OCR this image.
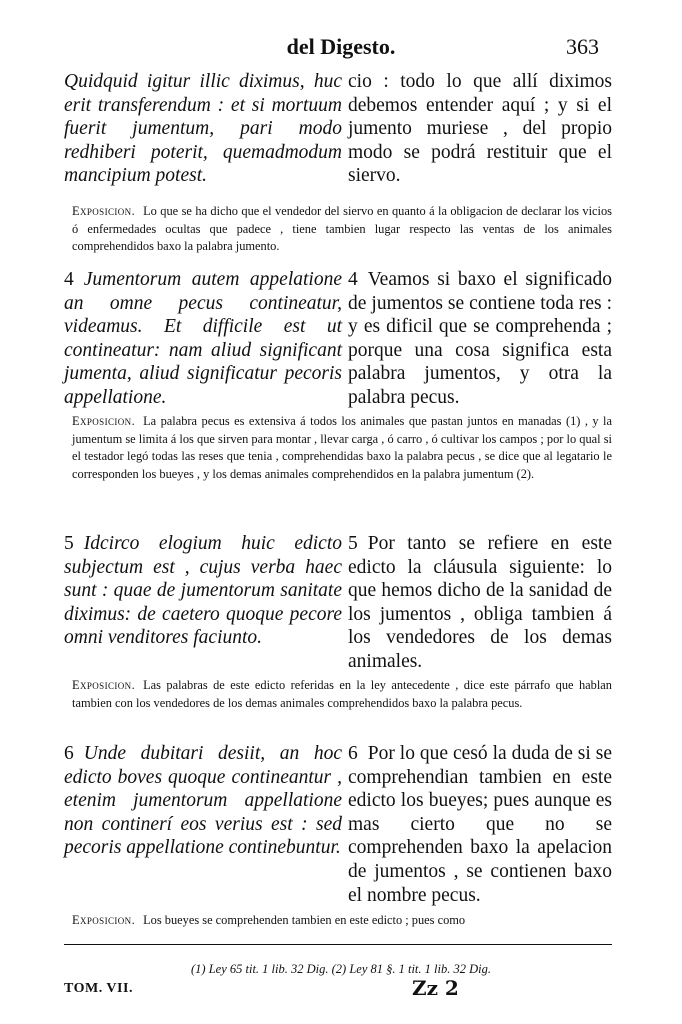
del Digesto.	363
Quidquid igitur illic diximus, huc erit transferendum : et si mortuum fuerit jumentum, pari modo redhiberi poterit, quemadmodum mancipium potest.
cio : todo lo que allí diximos debemos entender aquí ; y si el jumento muriese , del propio modo se podrá restituir que el siervo.
Exposicion. Lo que se ha dicho que el vendedor del siervo en quanto á la obligacion de declarar los vicios ó enfermedades ocultas que padece , tiene tambien lugar respecto las ventas de los animales comprehendidos baxo la palabra jumento.
4 Jumentorum autem appelatione an omne pecus contineatur, videamus. Et difficile est ut contineatur: nam aliud significant jumenta, aliud significatur pecoris appellatione.
4 Veamos si baxo el significado de jumentos se contiene toda res : y es dificil que se comprehenda ; porque una cosa significa esta palabra jumentos, y otra la palabra pecus.
Exposicion. La palabra pecus es extensiva á todos los animales que pastan juntos en manadas (1) , y la jumentum se limita á los que sirven para montar , llevar carga , ó carro , ó cultivar los campos ; por lo qual si el testador legó todas las reses que tenia , comprehendidas baxo la palabra pecus , se dice que al legatario le corresponden los bueyes , y los demas animales comprehendidos en la palabra jumentum (2).
5 Idcirco elogium huic edicto subjectum est , cujus verba haec sunt : quae de jumentorum sanitate diximus: de caetero quoque pecore omni venditores faciunto.
5 Por tanto se refiere en este edicto la cláusula siguiente: lo que hemos dicho de la sanidad de los jumentos , obliga tambien á los vendedores de los demas animales.
Exposicion. Las palabras de este edicto referidas en la ley antecedente , dice este párrafo que hablan tambien con los vendedores de los demas animales comprehendidos baxo la palabra pecus.
6 Unde dubitari desiit, an hoc edicto boves quoque contineantur , etenim jumentorum appellatione non continerí eos verius est : sed pecoris appellatione continebuntur.
6 Por lo que cesó la duda de si se comprehendian tambien en este edicto los bueyes; pues aunque es mas cierto que no se comprehenden baxo la apelacion de jumentos , se contienen baxo el nombre pecus.
Exposicion. Los bueyes se comprehenden tambien en este edicto ; pues como
(1) Ley 65 tit. 1 lib. 32 Dig. (2) Ley 81 §. 1 tit. 1 lib. 32 Dig.
TOM. VII.	Zz 2
